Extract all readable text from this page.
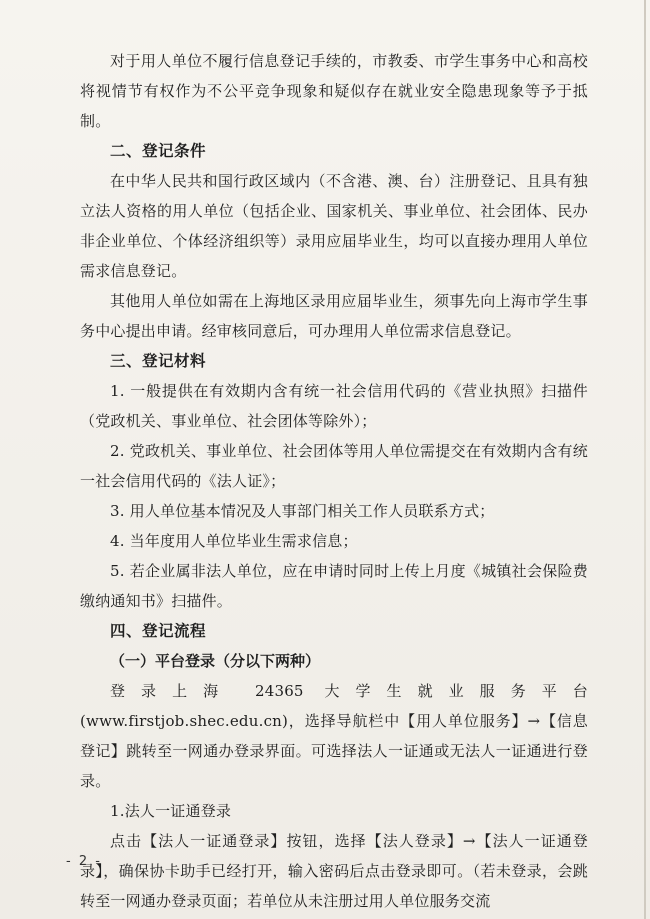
对于用人单位不履行信息登记手续的，市教委、市学生事务中心和高校将视情节有权作为不公平竞争现象和疑似存在就业安全隐患现象等予于抵制。

二、登记条件

在中华人民共和国行政区域内（不含港、澳、台）注册登记、且具有独立法人资格的用人单位（包括企业、国家机关、事业单位、社会团体、民办非企业单位、个体经济组织等）录用应届毕业生，均可以直接办理用人单位需求信息登记。

其他用人单位如需在上海地区录用应届毕业生，须事先向上海市学生事务中心提出申请。经审核同意后，可办理用人单位需求信息登记。

三、登记材料

1. 一般提供在有效期内含有统一社会信用代码的《营业执照》扫描件（党政机关、事业单位、社会团体等除外）；

2. 党政机关、事业单位、社会团体等用人单位需提交在有效期内含有统一社会信用代码的《法人证》；

3. 用人单位基本情况及人事部门相关工作人员联系方式；

4. 当年度用人单位毕业生需求信息；

5. 若企业属非法人单位，应在申请时同时上传上月度《城镇社会保险费缴纳通知书》扫描件。

四、登记流程

（一）平台登录（分以下两种）

登录上海 24365 大学生就业服务平台(www.firstjob.shec.edu.cn)，选择导航栏中【用人单位服务】→【信息登记】跳转至一网通办登录界面。可选择法人一证通或无法人一证通进行登录。

1.法人一证通登录

点击【法人一证通登录】按钮，选择【法人登录】→【法人一证通登录】，确保协卡助手已经打开，输入密码后点击登录即可。（若未登录，会跳转至一网通办登录页面；若单位从未注册过用人单位服务交流

- 2 -
